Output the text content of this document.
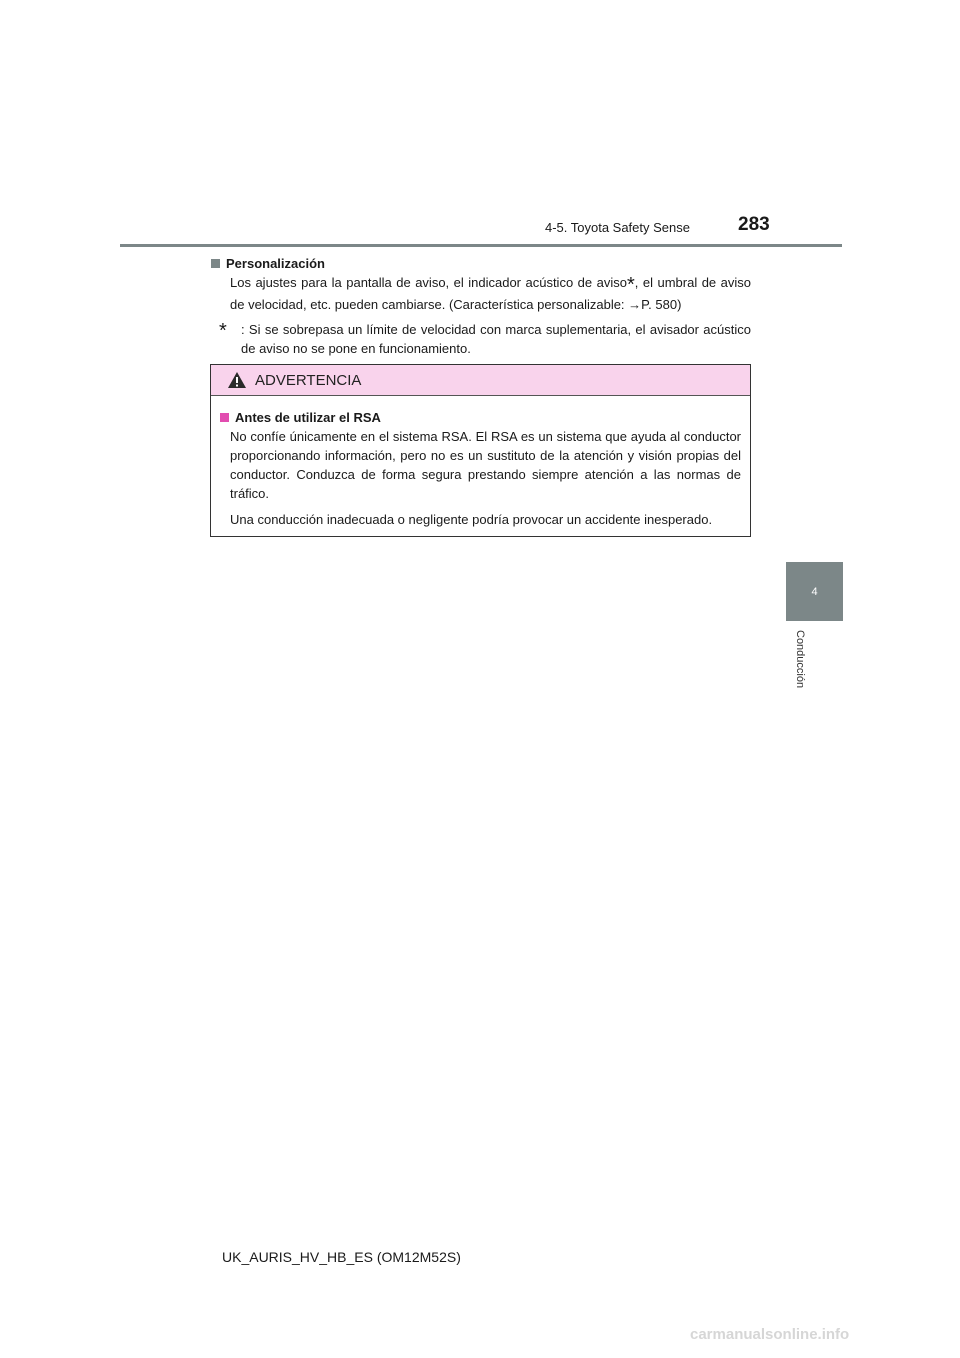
4-5. Toyota Safety Sense	283
Personalización
Los ajustes para la pantalla de aviso, el indicador acústico de aviso*, el umbral de aviso de velocidad, etc. pueden cambiarse. (Característica personalizable: →P. 580)
*	: Si se sobrepasa un límite de velocidad con marca suplementaria, el avisador acústico de aviso no se pone en funcionamiento.
ADVERTENCIA
Antes de utilizar el RSA
No confíe únicamente en el sistema RSA. El RSA es un sistema que ayuda al conductor proporcionando información, pero no es un sustituto de la atención y visión propias del conductor. Conduzca de forma segura prestando siempre atención a las normas de tráfico.
Una conducción inadecuada o negligente podría provocar un accidente inesperado.
4
Conducción
UK_AURIS_HV_HB_ES (OM12M52S)
carmanualsonline.info
